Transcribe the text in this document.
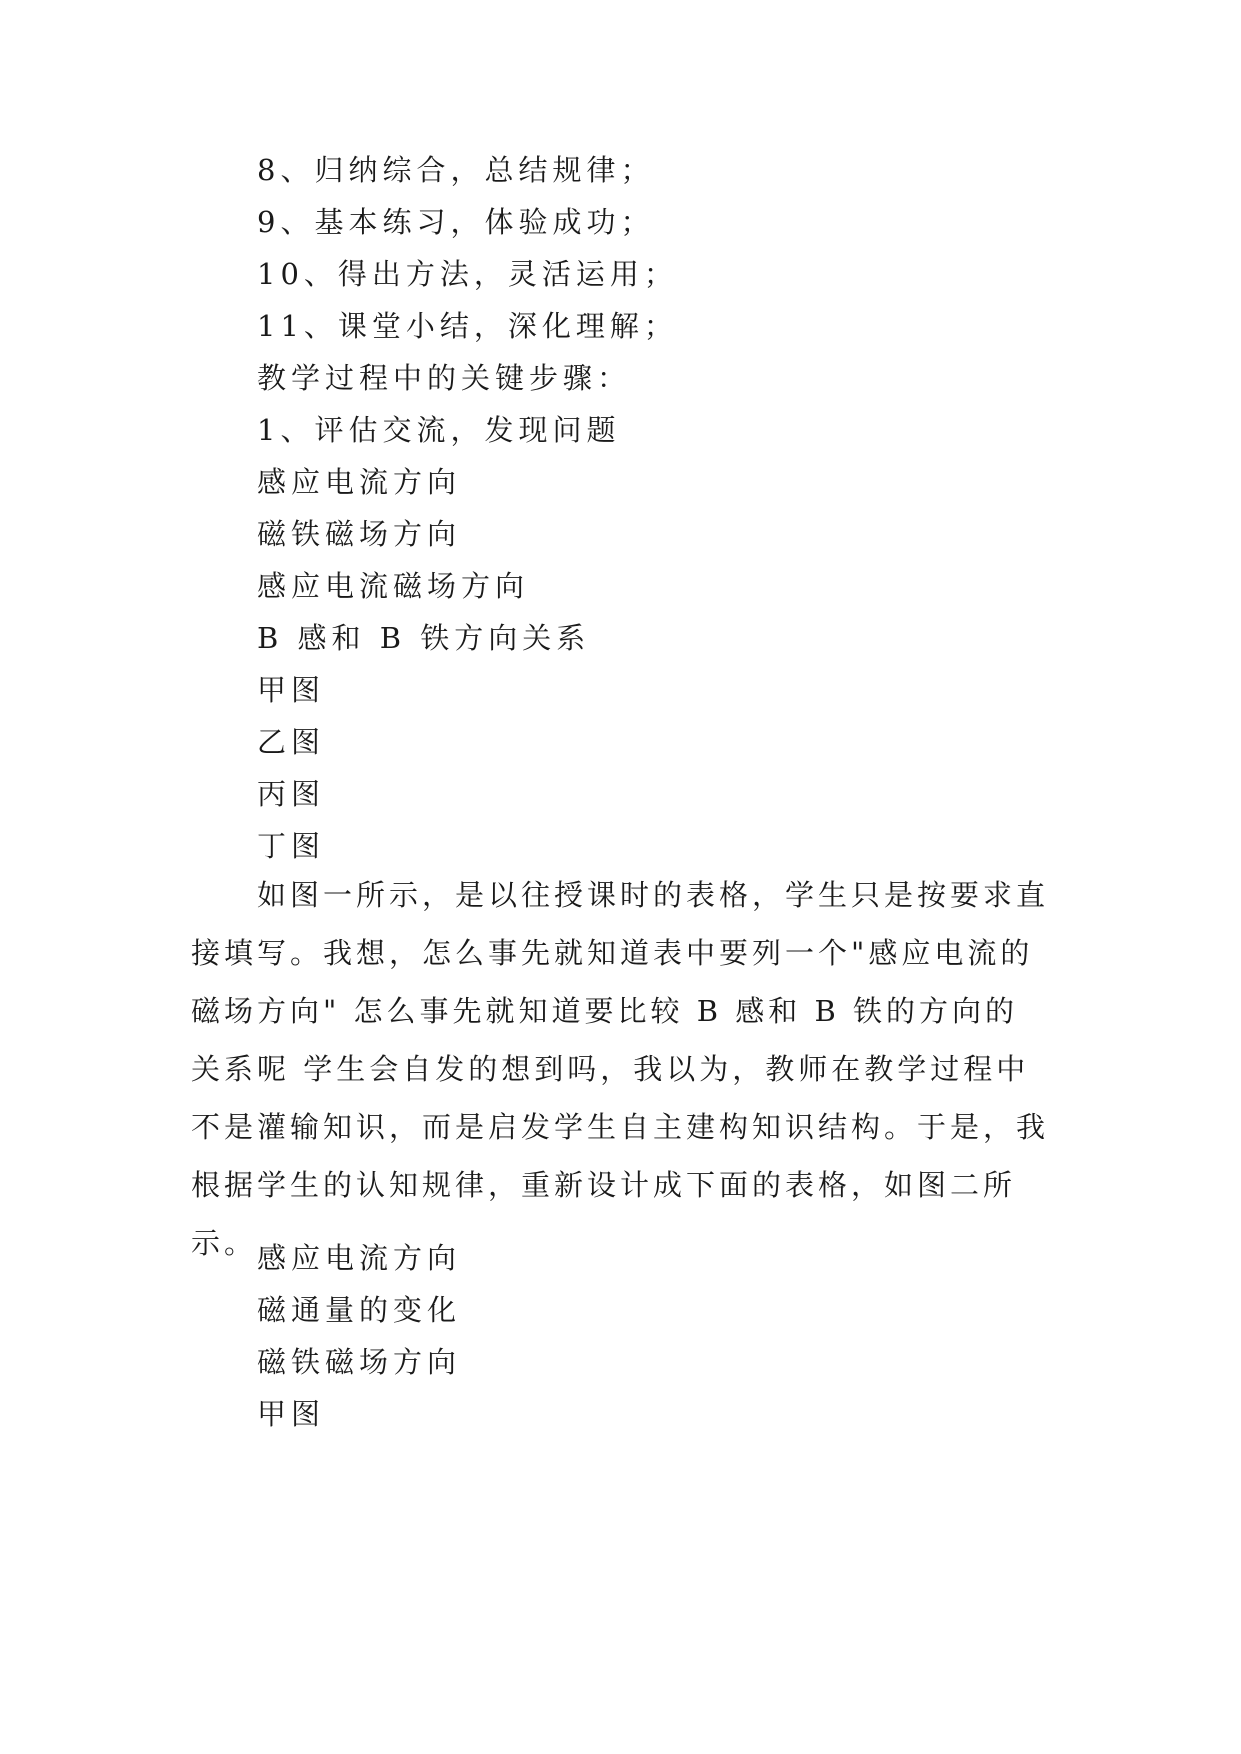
8、归纳综合，总结规律；
9、基本练习，体验成功；
10、得出方法，灵活运用；
11、课堂小结，深化理解；
教学过程中的关键步骤：
1、评估交流，发现问题
感应电流方向
磁铁磁场方向
感应电流磁场方向
B 感和 B 铁方向关系
甲图
乙图
丙图
丁图

如图一所示，是以往授课时的表格，学生只是按要求直接填写。我想，怎么事先就知道表中要列一个"感应电流的磁场方向" 怎么事先就知道要比较 B 感和 B 铁的方向的关系呢 学生会自发的想到吗，我以为，教师在教学过程中不是灌输知识，而是启发学生自主建构知识结构。于是，我根据学生的认知规律，重新设计成下面的表格，如图二所示。 感应电流方向
磁通量的变化
磁铁磁场方向
甲图
